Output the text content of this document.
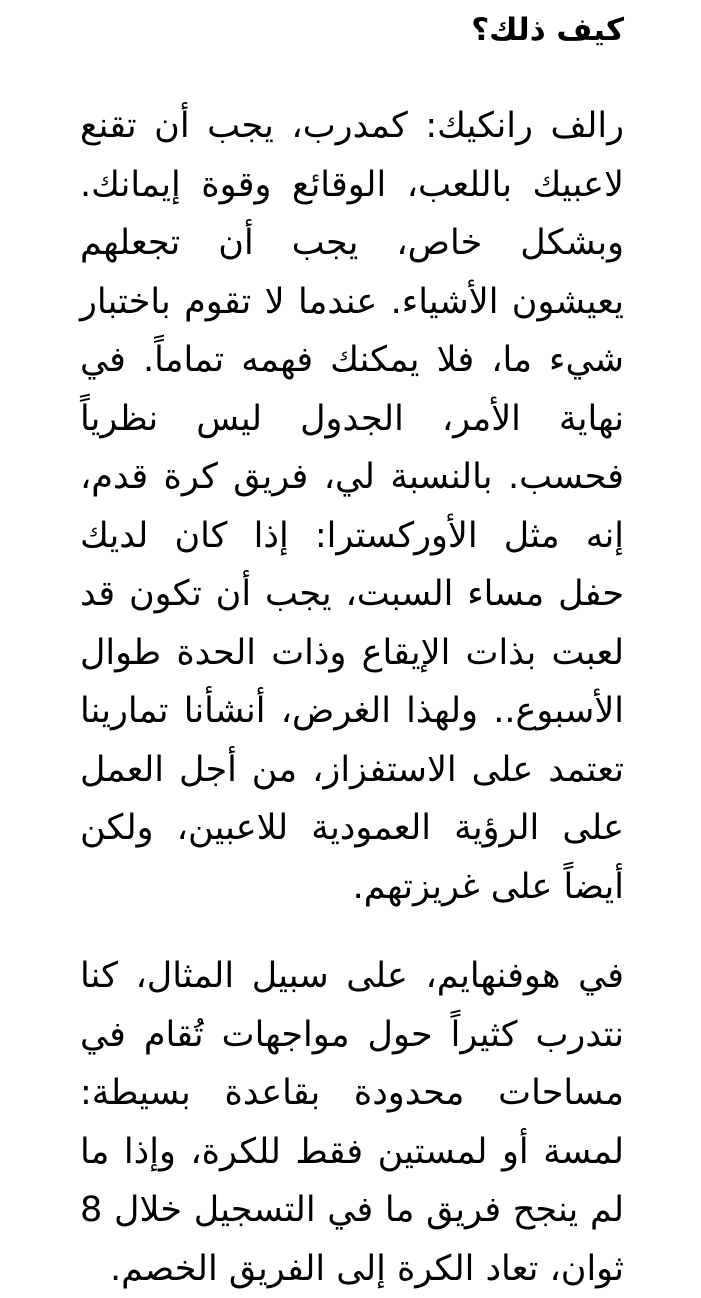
كيف ذلك؟

رالف رانكيك: كمدرب، يجب أن تقنع لاعبيك باللعب، الوقائع وقوة إيمانك. وبشكل خاص، يجب أن تجعلهم يعيشون الأشياء. عندما لا تقوم باختبار شيء ما، فلا يمكنك فهمه تماماً. في نهاية الأمر، الجدول ليس نظرياً فحسب. بالنسبة لي، فريق كرة قدم، إنه مثل الأوركسترا: إذا كان لديك حفل مساء السبت، يجب أن تكون قد لعبت بذات الإيقاع وذات الحدة طوال الأسبوع.. ولهذا الغرض، أنشأنا تمارينا تعتمد على الاستفزاز، من أجل العمل على الرؤية العمودية للاعبين، ولكن أيضاً على غريزتهم.

في هوفنهايم، على سبيل المثال، كنا نتدرب كثيراً حول مواجهات تُقام في مساحات محدودة بقاعدة بسيطة: لمسة أو لمستين فقط للكرة، وإذا ما لم ينجح فريق ما في التسجيل خلال 8 ثوان، تعاد الكرة إلى الفريق الخصم.
